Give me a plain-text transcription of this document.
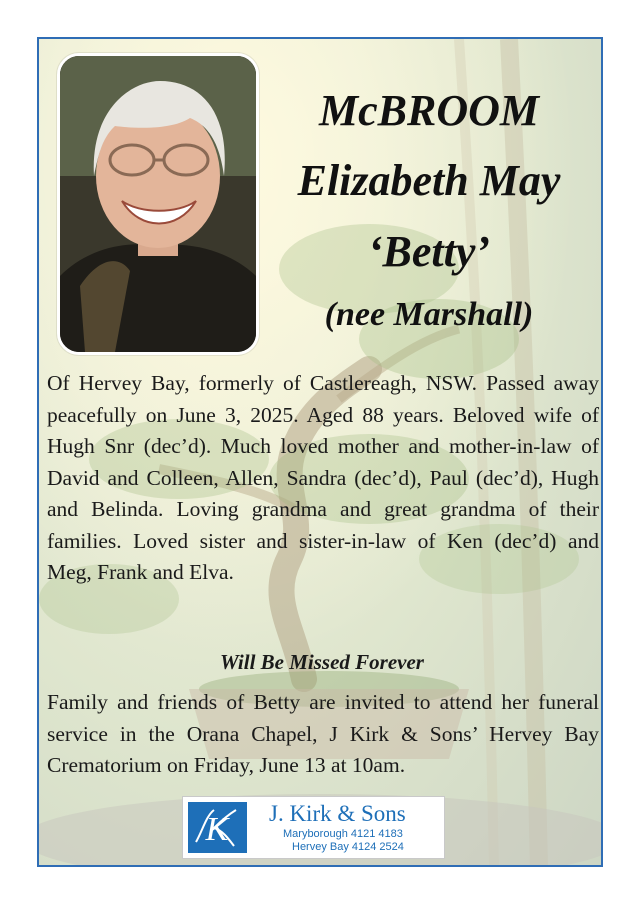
McBROOM
Elizabeth May
‘Betty’
(nee Marshall)
Of Hervey Bay, formerly of Castlereagh, NSW. Passed away peacefully on June 3, 2025. Aged 88 years. Beloved wife of Hugh Snr (dec’d). Much loved mother and mother-in-law of David and Colleen, Allen, Sandra (dec’d), Paul (dec’d), Hugh and Belinda. Loving grandma and great grandma of their families. Loved sister and sister-in-law of Ken (dec’d) and Meg, Frank and Elva.
Will Be Missed Forever
Family and friends of Betty are invited to attend her funeral service in the Orana Chapel, J Kirk & Sons’ Hervey Bay Crematorium on Friday, June 13 at 10am.
K J. Kirk & Sons
Maryborough 4121 4183
Hervey Bay 4124 2524
